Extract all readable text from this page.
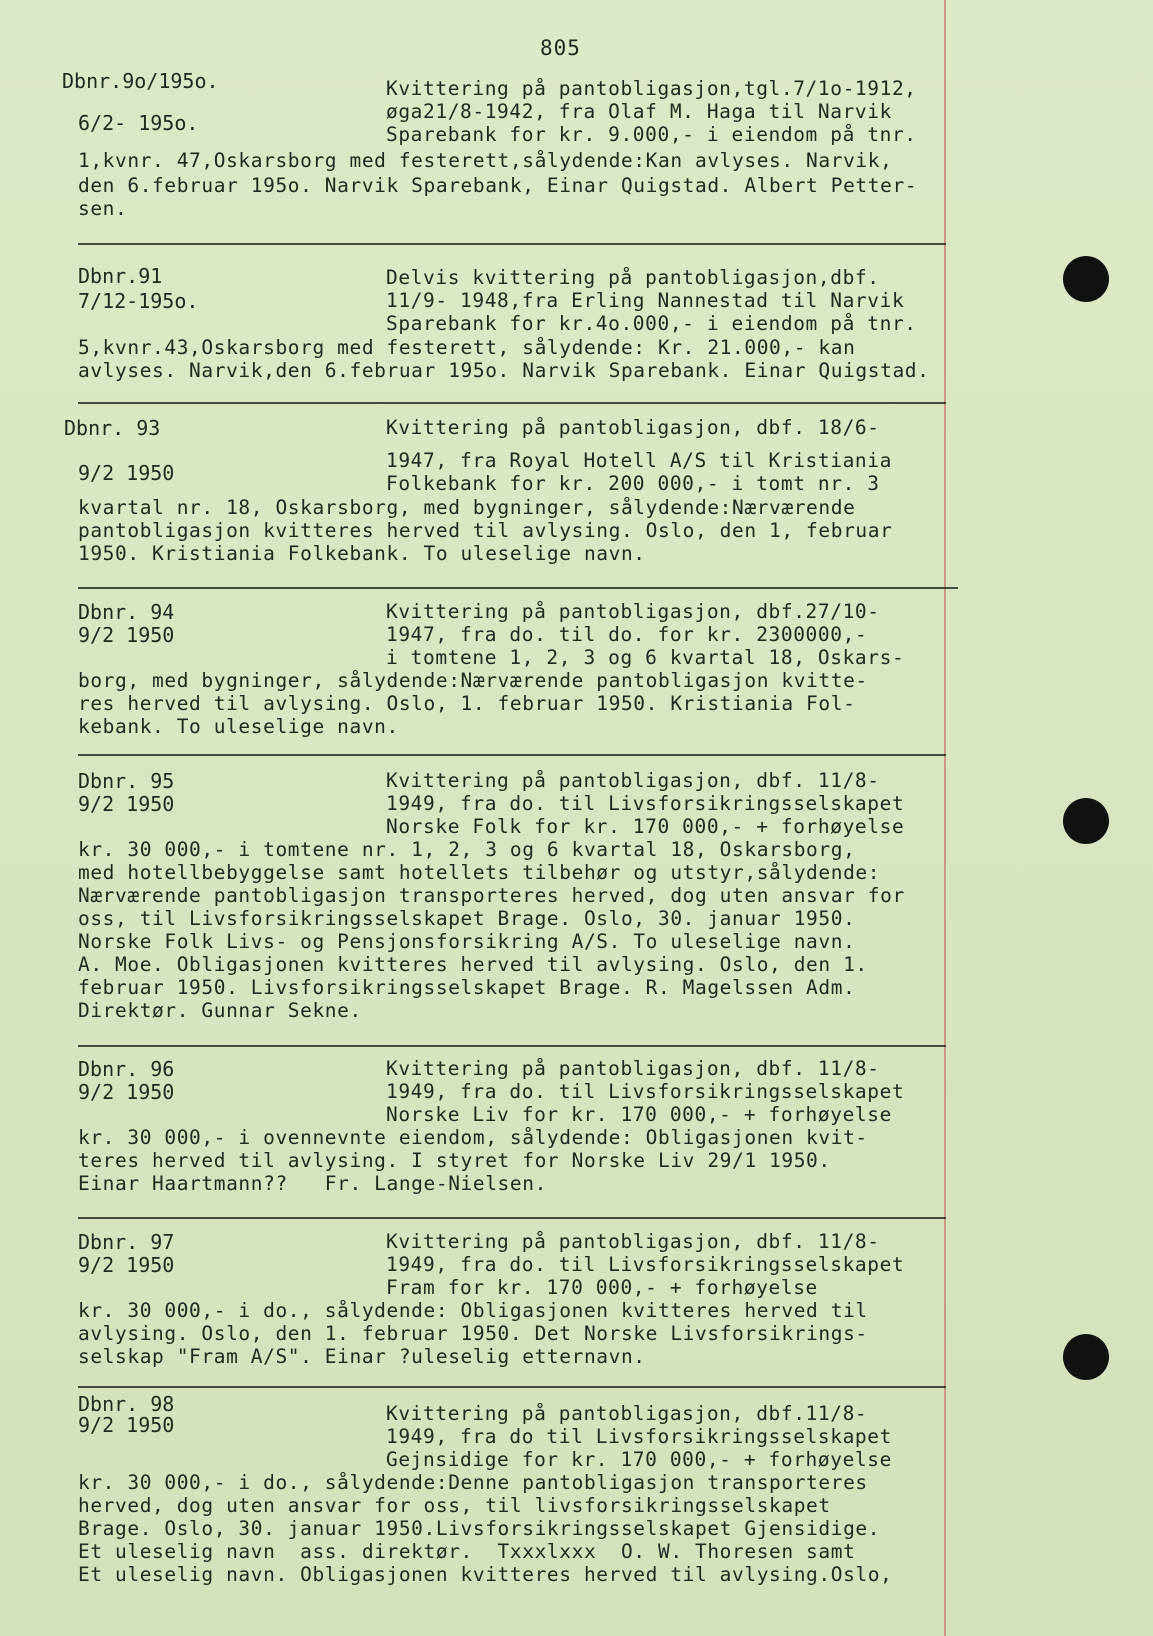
805
Dbnr.9o/195o.
6/2- 195o.
Kvittering på pantobligasjon,tgl.7/1o-1912,
øga21/8-1942, fra Olaf M. Haga til Narvik
Sparebank for kr. 9.000,- i eiendom på tnr.
1,kvnr. 47,Oskarsborg med festerett,sålydende:Kan avlyses. Narvik,
den 6.februar 195o. Narvik Sparebank, Einar Quigstad. Albert Petter-
sen.
Dbnr.91
7/12-195o.
Delvis kvittering på pantobligasjon,dbf.
11/9- 1948,fra Erling Nannestad til Narvik
Sparebank for kr.4o.000,- i eiendom på tnr.
5,kvnr.43,Oskarsborg med festerett, sålydende: Kr. 21.000,- kan
avlyses. Narvik,den 6.februar 195o. Narvik Sparebank. Einar Quigstad.
Dbnr. 93
9/2 1950
Kvittering på pantobligasjon, dbf. 18/6-
1947, fra Royal Hotell A/S til Kristiania
Folkebank for kr. 200 000,- i tomt nr. 3
kvartal nr. 18, Oskarsborg, med bygninger, sålydende:Nærværende
pantobligasjon kvitteres herved til avlysing. Oslo, den 1, februar
1950. Kristiania Folkebank. To uleselige navn.
Dbnr. 94
9/2 1950
Kvittering på pantobligasjon, dbf.27/10-
1947, fra do. til do. for kr. 2300000,-
i tomtene 1, 2, 3 og 6 kvartal 18, Oskars-
borg, med bygninger, sålydende:Nærværende pantobligasjon kvitte-
res herved til avlysing. Oslo, 1. februar 1950. Kristiania Fol-
kebank. To uleselige navn.
Dbnr. 95
9/2 1950
Kvittering på pantobligasjon, dbf. 11/8-
1949, fra do. til Livsforsikringsselskapet
Norske Folk for kr. 170 000,- + forhøyelse
kr. 30 000,- i tomtene nr. 1, 2, 3 og 6 kvartal 18, Oskarsborg,
med hotellbebyggelse samt hotellets tilbehør og utstyr,sålydende:
Nærværende pantobligasjon transporteres herved, dog uten ansvar for
oss, til Livsforsikringsselskapet Brage. Oslo, 30. januar 1950.
Norske Folk Livs- og Pensjonsforsikring A/S. To uleselige navn.
A. Moe. Obligasjonen kvitteres herved til avlysing. Oslo, den 1.
februar 1950. Livsforsikringsselskapet Brage. R. Magelssen Adm.
Direktør. Gunnar Sekne.
Dbnr. 96
9/2 1950
Kvittering på pantobligasjon, dbf. 11/8-
1949, fra do. til Livsforsikringsselskapet
Norske Liv for kr. 170 000,- + forhøyelse
kr. 30 000,- i ovennevnte eiendom, sålydende: Obligasjonen kvit-
teres herved til avlysing. I styret for Norske Liv 29/1 1950.
Einar Haartmann??   Fr. Lange-Nielsen.
Dbnr. 97
9/2 1950
Kvittering på pantobligasjon, dbf. 11/8-
1949, fra do. til Livsforsikringsselskapet
Fram for kr. 170 000,- + forhøyelse
kr. 30 000,- i do., sålydende: Obligasjonen kvitteres herved til
avlysing. Oslo, den 1. februar 1950. Det Norske Livsforsikrings-
selskap "Fram A/S". Einar ?uleselig etternavn.
Dbnr. 98
9/2 1950	Kvittering på pantobligasjon, dbf.11/8-
1949, fra do til Livsforsikringsselskapet
Gejnsidige for kr. 170 000,- + forhøyelse
kr. 30 000,- i do., sålydende:Denne pantobligasjon transporteres
herved, dog uten ansvar for oss, til livsforsikringsselskapet
Brage. Oslo, 30. januar 1950.Livsforsikringsselskapet Gjensidige.
Et uleselig navn  ass. direktør.  Txxxlxxx  O. W. Thoresen samt
Et uleselig navn. Obligasjonen kvitteres herved til avlysing.Oslo,
